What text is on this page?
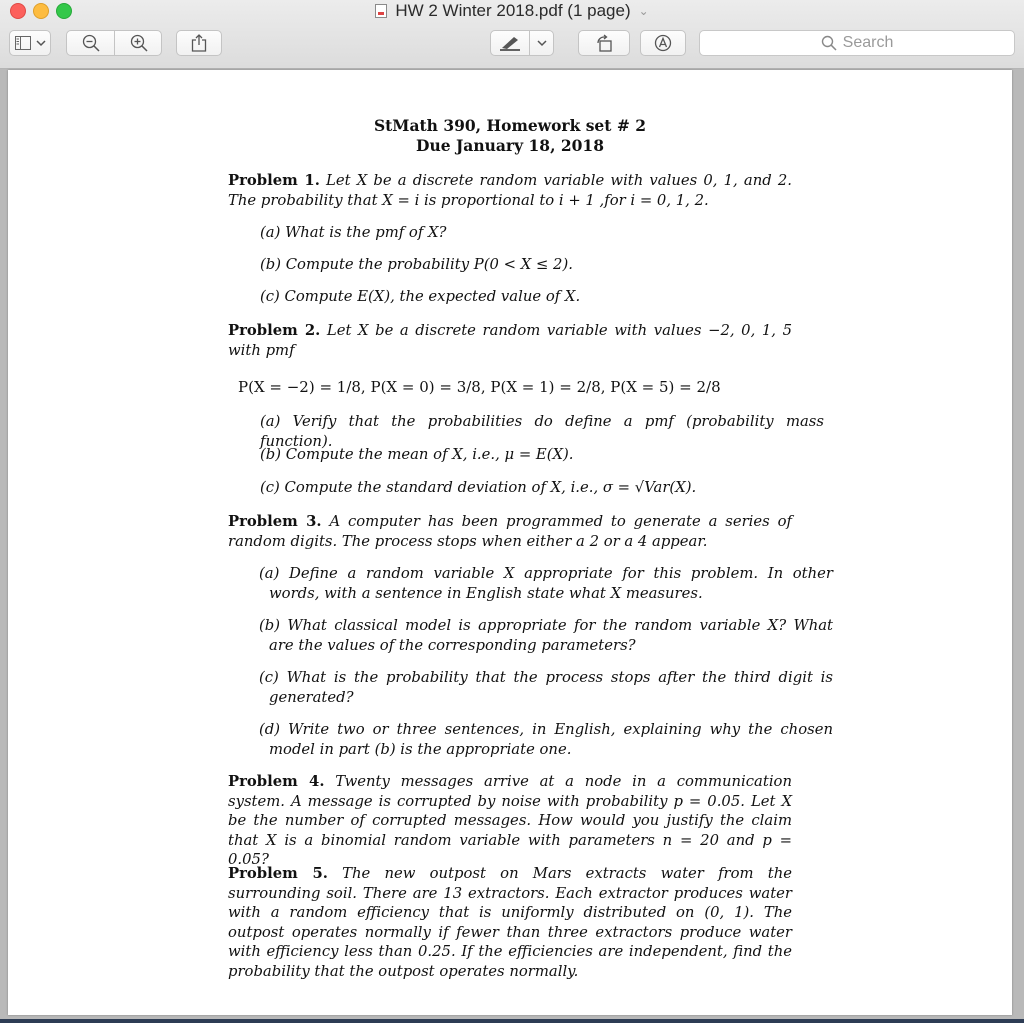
HW 2 Winter 2018.pdf (1 page) ⌄
Search
StMath 390, Homework set # 2
Due January 18, 2018
Problem 1. Let X be a discrete random variable with values 0, 1, and 2. The probability that X = i is proportional to i + 1 ,for i = 0, 1, 2.
(a) What is the pmf of X?
(b) Compute the probability P(0 < X ≤ 2).
(c) Compute E(X), the expected value of X.
Problem 2. Let X be a discrete random variable with values −2, 0, 1, 5 with pmf
P(X = −2) = 1/8, P(X = 0) = 3/8, P(X = 1) = 2/8, P(X = 5) = 2/8
(a) Verify that the probabilities do define a pmf (probability mass function).
(b) Compute the mean of X, i.e., μ = E(X).
(c) Compute the standard deviation of X, i.e., σ = √Var(X).
Problem 3. A computer has been programmed to generate a series of random digits. The process stops when either a 2 or a 4 appear.
(a) Define a random variable X appropriate for this problem. In other words, with a sentence in English state what X measures.
(b) What classical model is appropriate for the random variable X? What are the values of the corresponding parameters?
(c) What is the probability that the process stops after the third digit is generated?
(d) Write two or three sentences, in English, explaining why the chosen model in part (b) is the appropriate one.
Problem 4. Twenty messages arrive at a node in a communication system. A message is corrupted by noise with probability p = 0.05. Let X be the number of corrupted messages. How would you justify the claim that X is a binomial random variable with parameters n = 20 and p = 0.05?
Problem 5. The new outpost on Mars extracts water from the surrounding soil. There are 13 extractors. Each extractor produces water with a random efficiency that is uniformly distributed on (0, 1). The outpost operates normally if fewer than three extractors produce water with efficiency less than 0.25. If the efficiencies are independent, find the probability that the outpost operates normally.
